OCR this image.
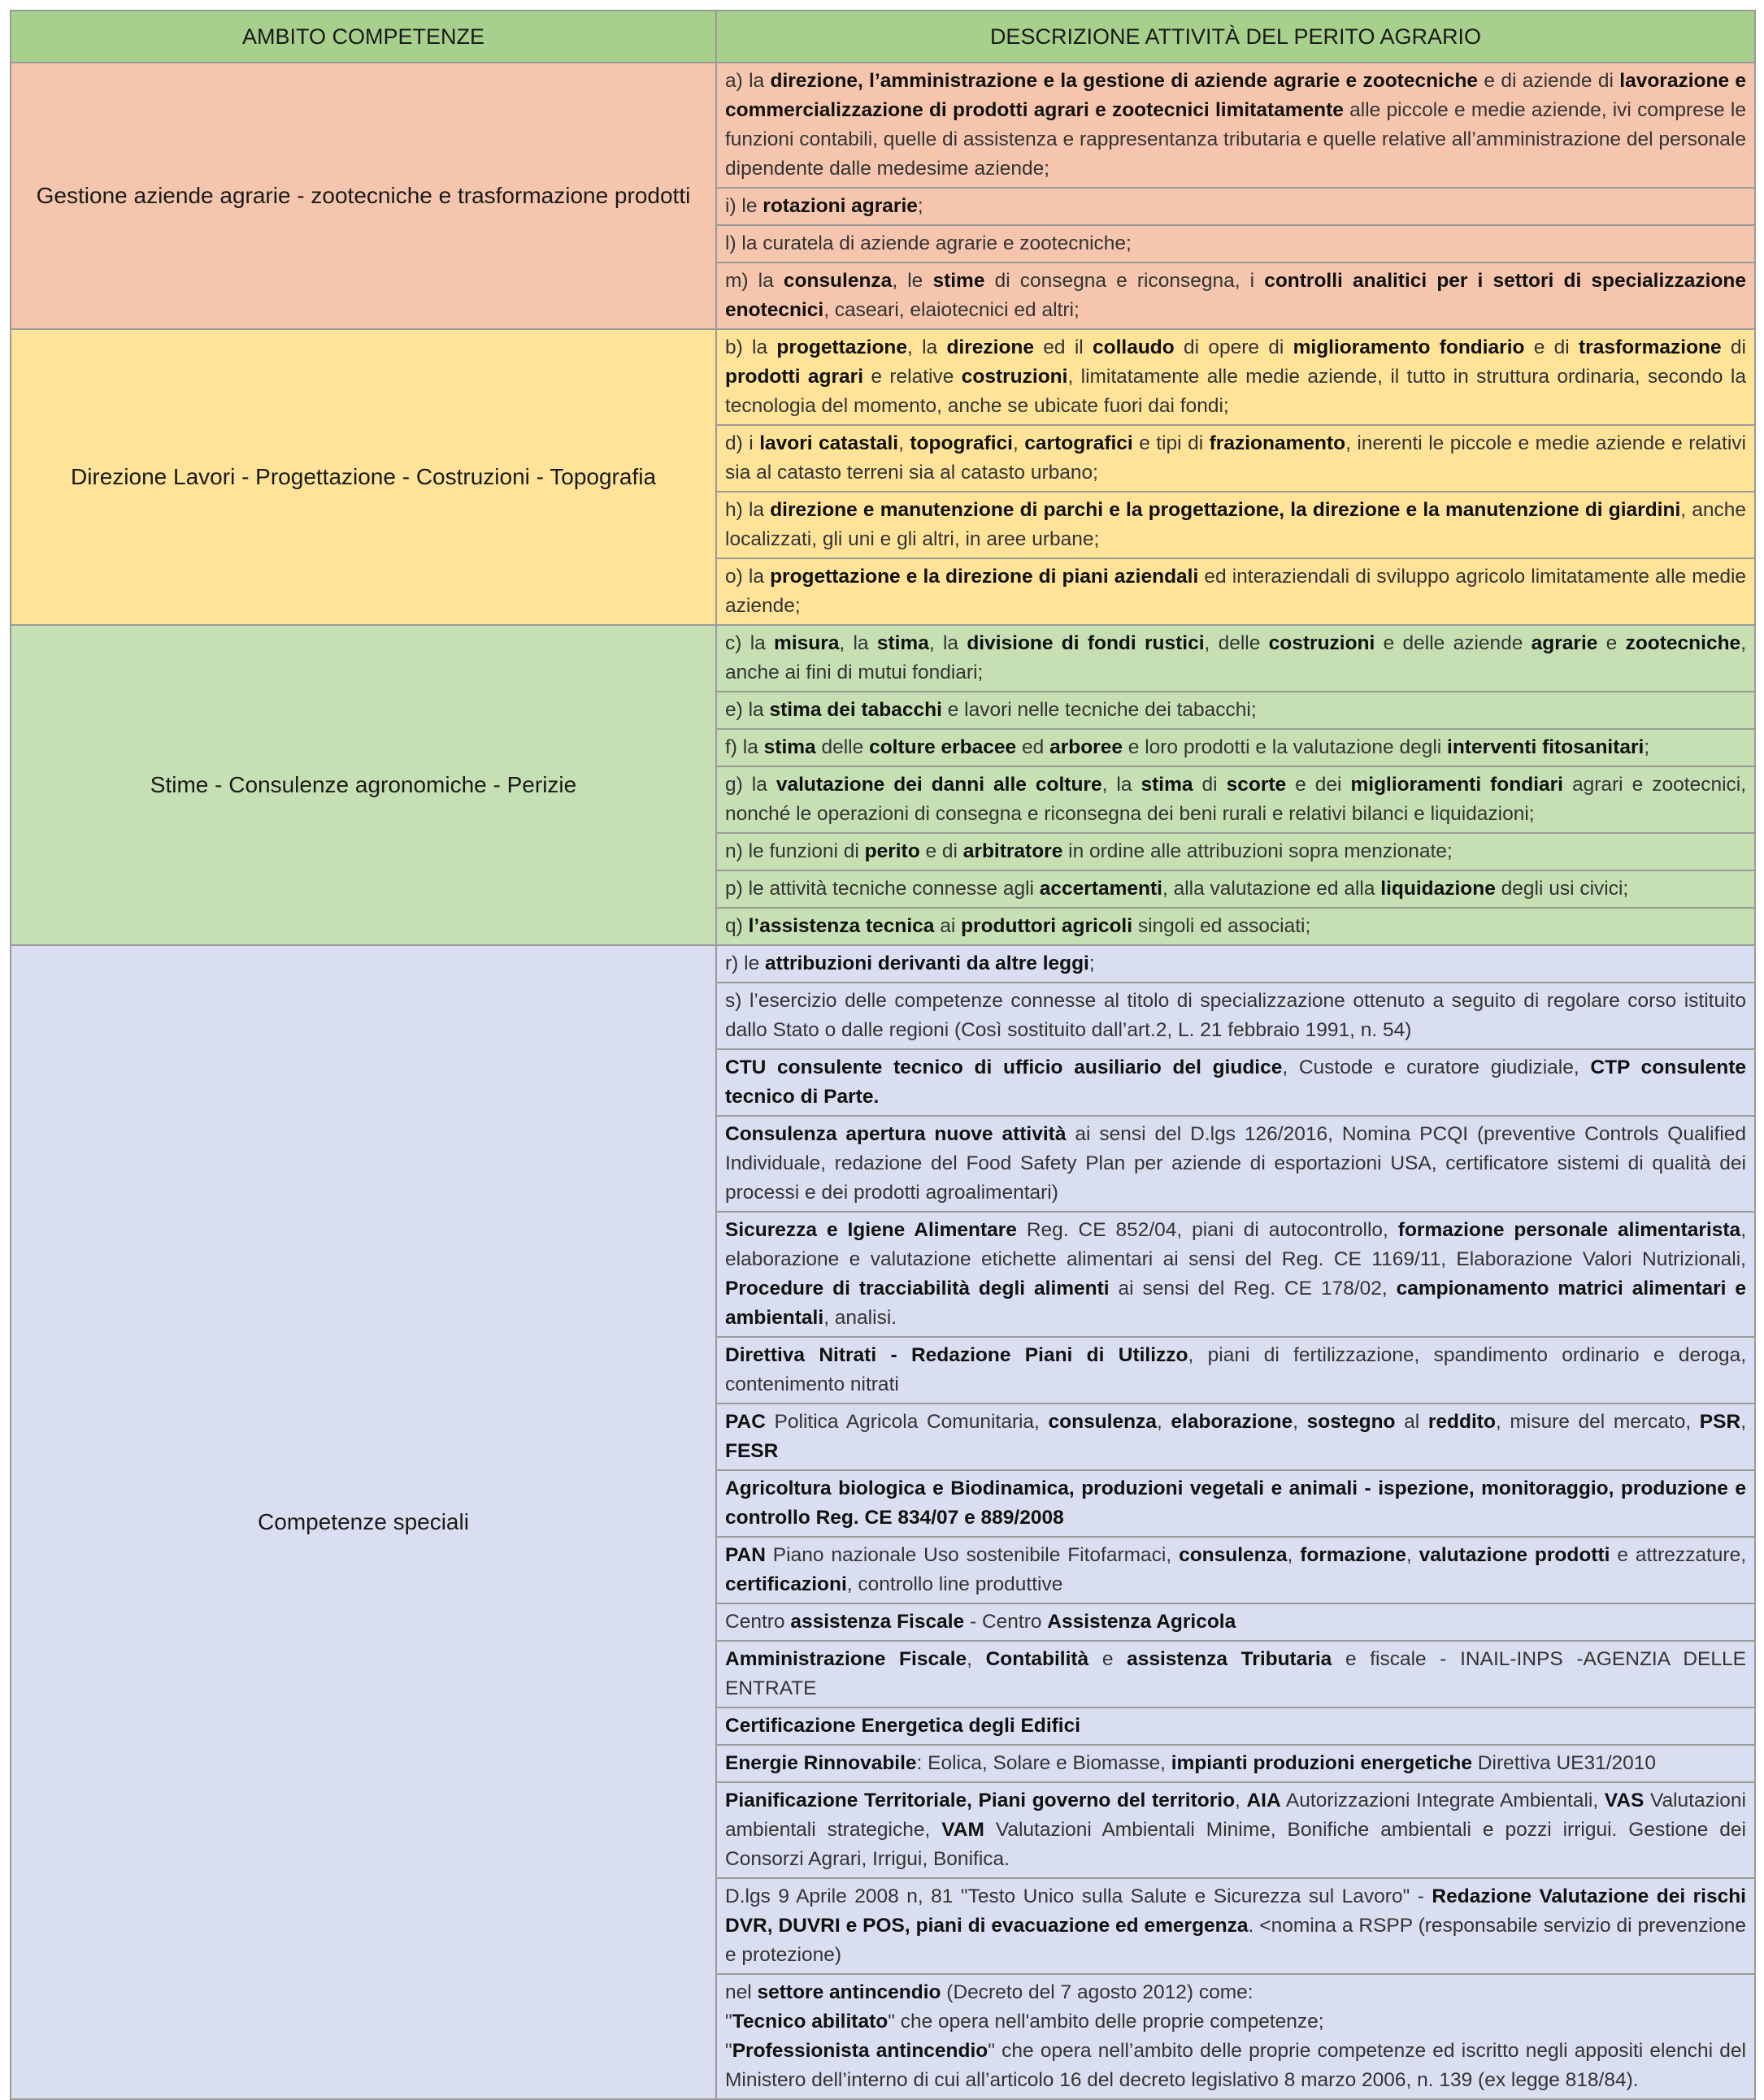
AMBITO COMPETENZE	DESCRIZIONE ATTIVITÀ DEL PERITO AGRARIO
Gestione aziende agrarie - zootecniche e trasformazione prodotti	a) la direzione, l’amministrazione e la gestione di aziende agrarie e zootecniche e di aziende di lavorazione e commercializzazione di prodotti agrari e zootecnici limitatamente alle piccole e medie aziende, ivi comprese le funzioni contabili, quelle di assistenza e rappresentanza tributaria e quelle relative all’amministrazione del personale dipendente dalle medesime aziende;
	i) le rotazioni agrarie;
	l) la curatela di aziende agrarie e zootecniche;
	m) la consulenza, le stime di consegna e riconsegna, i controlli analitici per i settori di specializzazione enotecnici, caseari, elaiotecnici ed altri;
Direzione Lavori - Progettazione - Costruzioni - Topografia	b) la progettazione, la direzione ed il collaudo di opere di miglioramento fondiario e di trasformazione di prodotti agrari e relative costruzioni, limitatamente alle medie aziende, il tutto in struttura ordinaria, secondo la tecnologia del momento, anche se ubicate fuori dai fondi;
	d) i lavori catastali, topografici, cartografici e tipi di frazionamento, inerenti le piccole e medie aziende e relativi sia al catasto terreni sia al catasto urbano;
	h) la direzione e manutenzione di parchi e la progettazione, la direzione e la manutenzione di giardini, anche localizzati, gli uni e gli altri, in aree urbane;
	o) la progettazione e la direzione di piani aziendali ed interaziendali di sviluppo agricolo limitatamente alle medie aziende;
Stime - Consulenze agronomiche - Perizie	c) la misura, la stima, la divisione di fondi rustici, delle costruzioni e delle aziende agrarie e zootecniche, anche ai fini di mutui fondiari;
	e) la stima dei tabacchi e lavori nelle tecniche dei tabacchi;
	f) la stima delle colture erbacee ed arboree e loro prodotti e la valutazione degli interventi fitosanitari;
	g) la valutazione dei danni alle colture, la stima di scorte e dei miglioramenti fondiari agrari e zootecnici, nonché le operazioni di consegna e riconsegna dei beni rurali e relativi bilanci e liquidazioni;
	n) le funzioni di perito e di arbitratore in ordine alle attribuzioni sopra menzionate;
	p) le attività tecniche connesse agli accertamenti, alla valutazione ed alla liquidazione degli usi civici;
	q) l’assistenza tecnica ai produttori agricoli singoli ed associati;
Competenze speciali	r) le attribuzioni derivanti da altre leggi;
	s) l’esercizio delle competenze connesse al titolo di specializzazione ottenuto a seguito di regolare corso istituito dallo Stato o dalle regioni (Così sostituito dall’art.2, L. 21 febbraio 1991, n. 54)
	CTU consulente tecnico di ufficio ausiliario del giudice, Custode e curatore giudiziale, CTP consulente tecnico di Parte.
	Consulenza apertura nuove attività ai sensi del D.lgs 126/2016, Nomina PCQI (preventive Controls Qualified Individuale, redazione del Food Safety Plan per aziende di esportazioni USA, certificatore sistemi di qualità dei processi e dei prodotti agroalimentari)
	Sicurezza e Igiene Alimentare Reg. CE 852/04, piani di autocontrollo, formazione personale alimentarista, elaborazione e valutazione etichette alimentari ai sensi del Reg. CE 1169/11, Elaborazione Valori Nutrizionali, Procedure di tracciabilità degli alimenti ai sensi del Reg. CE 178/02, campionamento matrici alimentari e ambientali, analisi.
	Direttiva Nitrati - Redazione Piani di Utilizzo, piani di fertilizzazione, spandimento ordinario e deroga, contenimento nitrati
	PAC Politica Agricola Comunitaria, consulenza, elaborazione, sostegno al reddito, misure del mercato, PSR, FESR
	Agricoltura biologica e Biodinamica, produzioni vegetali e animali - ispezione, monitoraggio, produzione e controllo Reg. CE 834/07 e 889/2008
	PAN Piano nazionale Uso sostenibile Fitofarmaci, consulenza, formazione, valutazione prodotti e attrezzature, certificazioni, controllo line produttive
	Centro assistenza Fiscale - Centro Assistenza Agricola
	Amministrazione Fiscale, Contabilità e assistenza Tributaria e fiscale - INAIL-INPS -AGENZIA DELLE ENTRATE
	Certificazione Energetica degli Edifici
	Energie Rinnovabile: Eolica, Solare e Biomasse, impianti produzioni energetiche Direttiva UE31/2010
	Pianificazione Territoriale, Piani governo del territorio, AIA Autorizzazioni Integrate Ambientali, VAS Valutazioni ambientali strategiche, VAM Valutazioni Ambientali Minime, Bonifiche ambientali e pozzi irrigui. Gestione dei Consorzi Agrari, Irrigui, Bonifica.
	D.lgs 9 Aprile 2008 n, 81 "Testo Unico sulla Salute e Sicurezza sul Lavoro" - Redazione Valutazione dei rischi DVR, DUVRI e POS, piani di evacuazione ed emergenza. <nomina a RSPP (responsabile servizio di prevenzione e protezione)
	nel settore antincendio (Decreto del 7 agosto 2012) come:
"Tecnico abilitato" che opera nell'ambito delle proprie competenze;
"Professionista antincendio" che opera nell’ambito delle proprie competenze ed iscritto negli appositi elenchi del Ministero dell’interno di cui all’articolo 16 del decreto legislativo 8 marzo 2006, n. 139 (ex legge 818/84).
